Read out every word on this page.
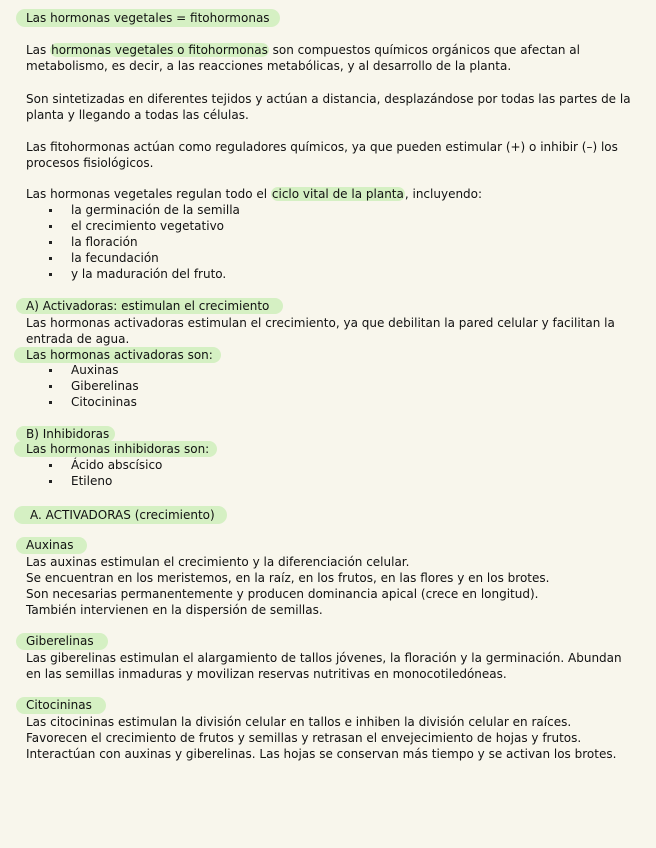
Las hormonas vegetales = fitohormonas
Las hormonas vegetales o fitohormonas son compuestos químicos orgánicos que afectan al metabolismo, es decir, a las reacciones metabólicas, y al desarrollo de la planta.
Son sintetizadas en diferentes tejidos y actúan a distancia, desplazándose por todas las partes de la planta y llegando a todas las células.
Las fitohormonas actúan como reguladores químicos, ya que pueden estimular (+) o inhibir (–) los procesos fisiológicos.
Las hormonas vegetales regulan todo el ciclo vital de la planta, incluyendo:
la germinación de la semilla
el crecimiento vegetativo
la floración
la fecundación
y la maduración del fruto.
A) Activadoras: estimulan el crecimiento
Las hormonas activadoras estimulan el crecimiento, ya que debilitan la pared celular y facilitan la entrada de agua.
Las hormonas activadoras son:
Auxinas
Giberelinas
Citocininas
B) Inhibidoras
Las hormonas inhibidoras son:
Ácido abscísico
Etileno
A. ACTIVADORAS (crecimiento)
Auxinas
Las auxinas estimulan el crecimiento y la diferenciación celular.
Se encuentran en los meristemos, en la raíz, en los frutos, en las flores y en los brotes.
Son necesarias permanentemente y producen dominancia apical (crece en longitud).
También intervienen en la dispersión de semillas.
Giberelinas
Las giberelinas estimulan el alargamiento de tallos jóvenes, la floración y la germinación. Abundan
en las semillas inmaduras y movilizan reservas nutritivas en monocotiledóneas.
Citocininas
Las citocininas estimulan la división celular en tallos e inhiben la división celular en raíces.
Favorecen el crecimiento de frutos y semillas y retrasan el envejecimiento de hojas y frutos.
Interactúan con auxinas y giberelinas. Las hojas se conservan más tiempo y se activan los brotes.
